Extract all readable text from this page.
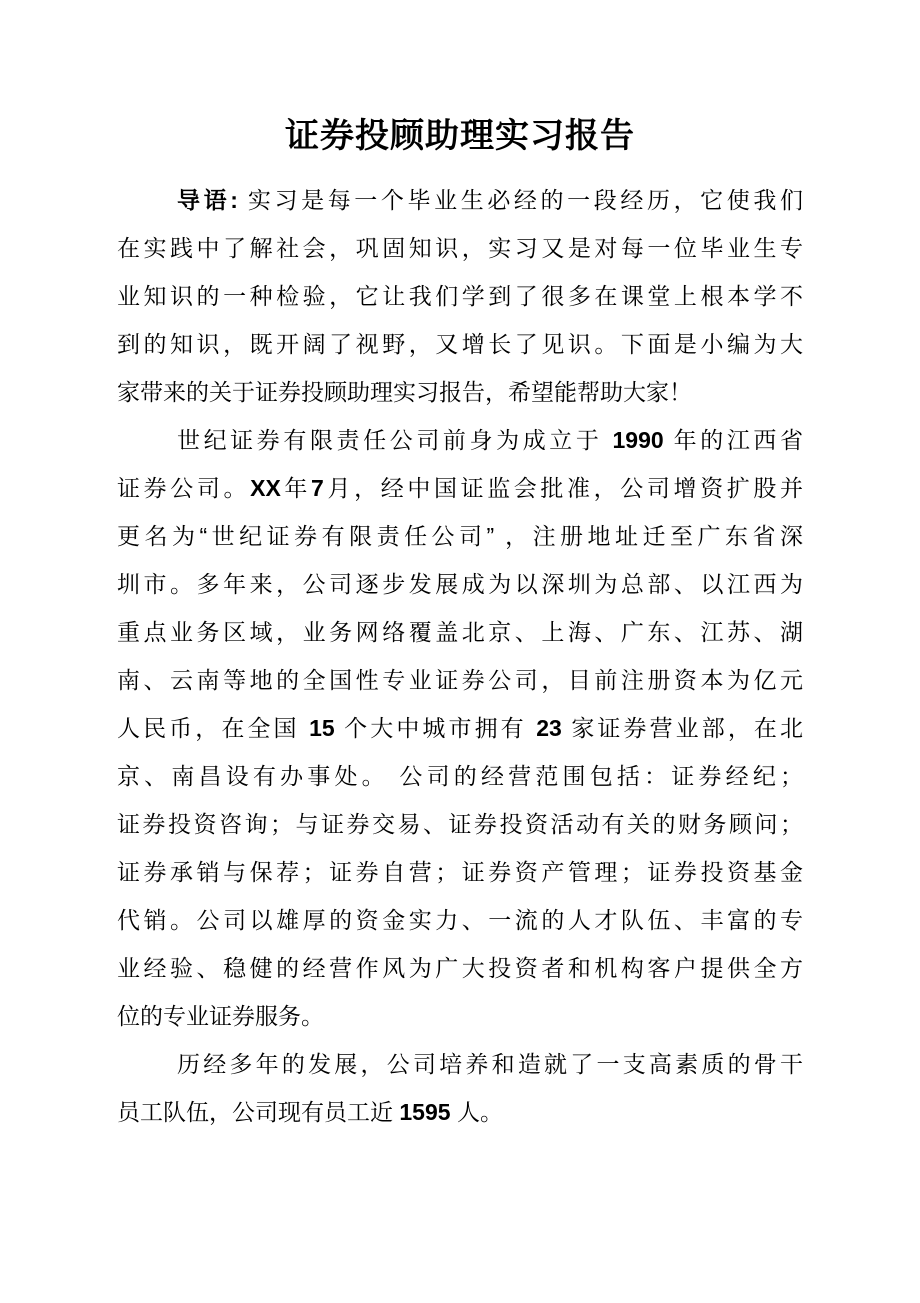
证券投顾助理实习报告
导语: 实习是每一个毕业生必经的一段经历，它使我们
在实践中了解社会，巩固知识，实习又是对每一位毕业生专
业知识的一种检验，它让我们学到了很多在课堂上根本学不
到的知识，既开阔了视野，又增长了见识。下面是小编为大
家带来的关于证券投顾助理实习报告，希望能帮助大家！
世纪证券有限责任公司前身为成立于 1990 年的江西省
证券公司。XX年7月，经中国证监会批准，公司增资扩股并
更名为“世纪证券有限责任公司” ，注册地址迁至广东省深
圳市。多年来，公司逐步发展成为以深圳为总部、以江西为
重点业务区域，业务网络覆盖北京、上海、广东、江苏、湖
南、云南等地的全国性专业证券公司，目前注册资本为亿元
人民币，在全国 15 个大中城市拥有 23 家证券营业部，在北
京、南昌设有办事处。 公司的经营范围包括：证券经纪；
证券投资咨询；与证券交易、证券投资活动有关的财务顾问；
证券承销与保荐；证券自营；证券资产管理；证券投资基金
代销。公司以雄厚的资金实力、一流的人才队伍、丰富的专
业经验、稳健的经营作风为广大投资者和机构客户提供全方
位的专业证券服务。
历经多年的发展，公司培养和造就了一支高素质的骨干
员工队伍，公司现有员工近 1595 人。
